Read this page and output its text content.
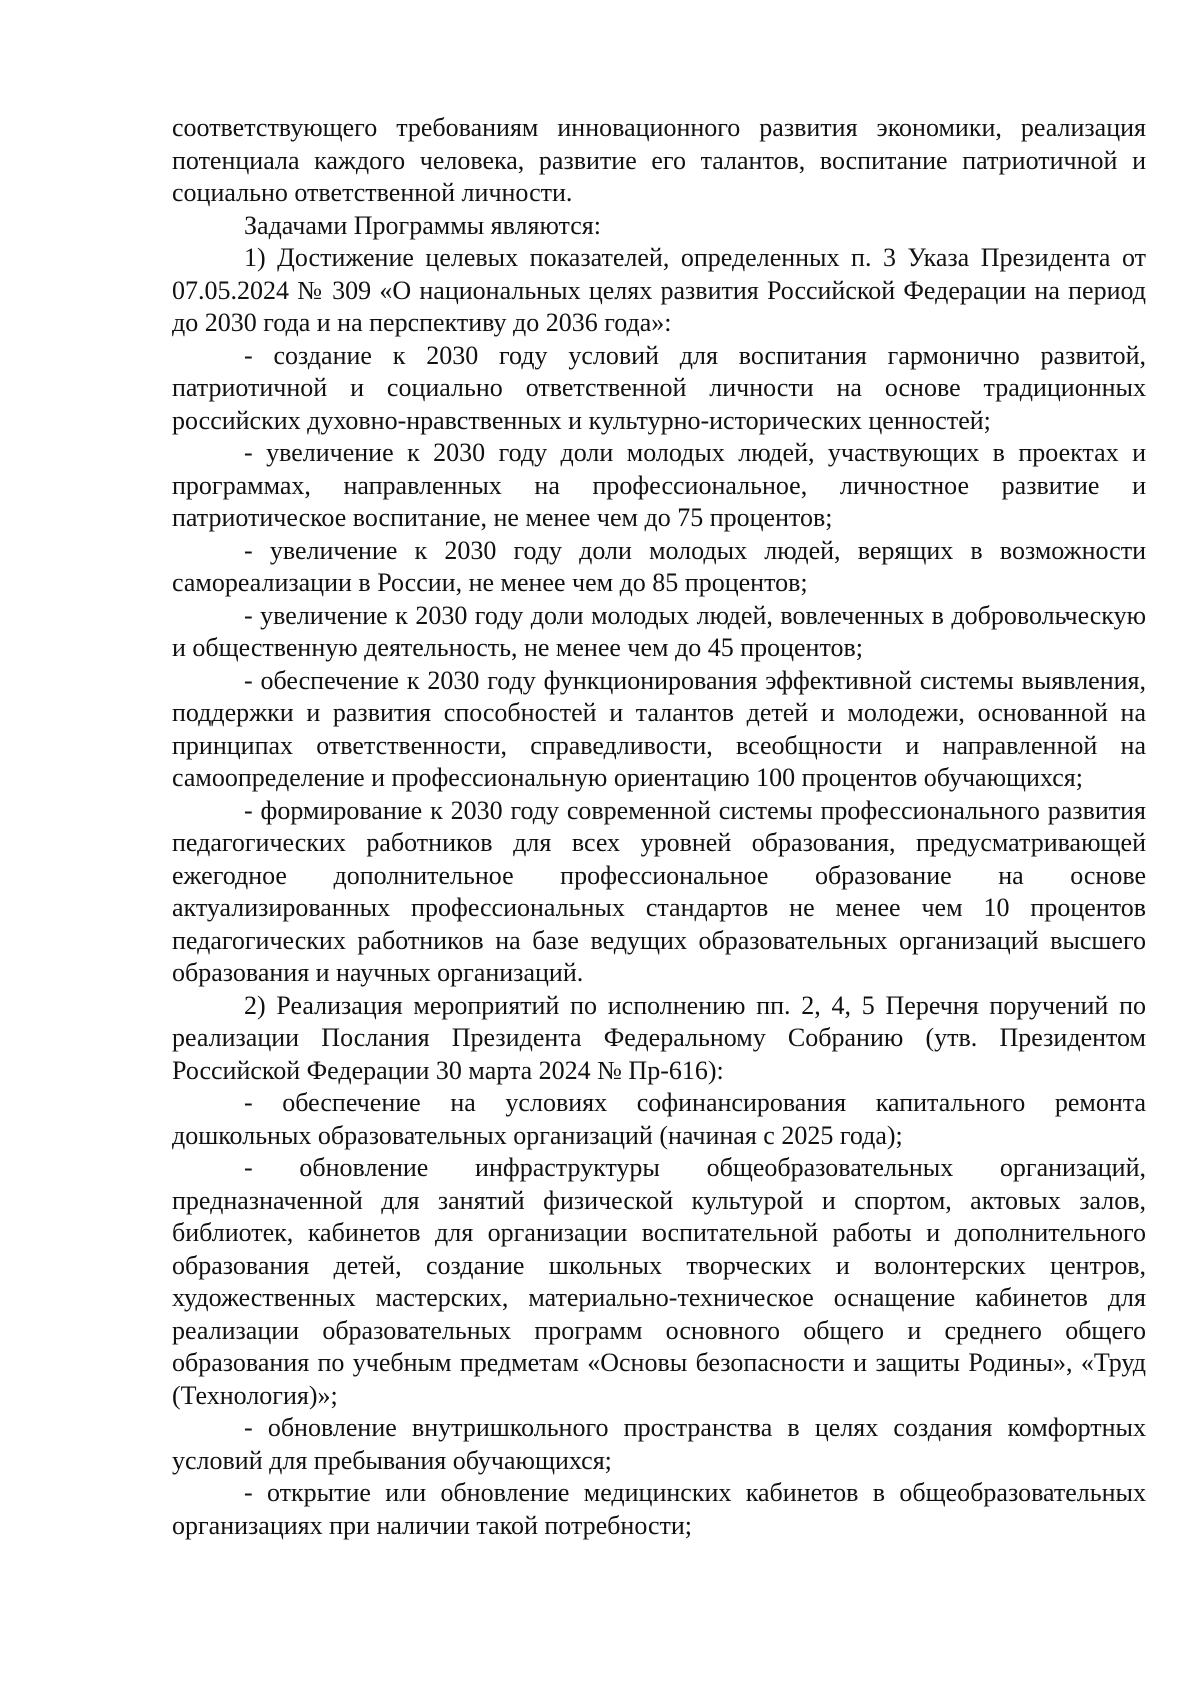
соответствующего требованиям инновационного развития экономики, реализация потенциала каждого человека, развитие его талантов, воспитание патриотичной и социально ответственной личности.

Задачами Программы являются:

1) Достижение целевых показателей, определенных п. 3 Указа Президента от 07.05.2024 № 309 «О национальных целях развития Российской Федерации на период до 2030 года и на перспективу до 2036 года»:

- создание к 2030 году условий для воспитания гармонично развитой, патриотичной и социально ответственной личности на основе традиционных российских духовно-нравственных и культурно-исторических ценностей;

- увеличение к 2030 году доли молодых людей, участвующих в проектах и программах, направленных на профессиональное, личностное развитие и патриотическое воспитание, не менее чем до 75 процентов;

- увеличение к 2030 году доли молодых людей, верящих в возможности самореализации в России, не менее чем до 85 процентов;

- увеличение к 2030 году доли молодых людей, вовлеченных в добровольческую и общественную деятельность, не менее чем до 45 процентов;

- обеспечение к 2030 году функционирования эффективной системы выявления, поддержки и развития способностей и талантов детей и молодежи, основанной на принципах ответственности, справедливости, всеобщности и направленной на самоопределение и профессиональную ориентацию 100 процентов обучающихся;

- формирование к 2030 году современной системы профессионального развития педагогических работников для всех уровней образования, предусматривающей ежегодное дополнительное профессиональное образование на основе актуализированных профессиональных стандартов не менее чем 10 процентов педагогических работников на базе ведущих образовательных организаций высшего образования и научных организаций.

2) Реализация мероприятий по исполнению пп. 2, 4, 5 Перечня поручений по реализации Послания Президента Федеральному Собранию (утв. Президентом Российской Федерации 30 марта 2024 № Пр-616):

- обеспечение на условиях софинансирования капитального ремонта дошкольных образовательных организаций (начиная с 2025 года);

- обновление инфраструктуры общеобразовательных организаций, предназначенной для занятий физической культурой и спортом, актовых залов, библиотек, кабинетов для организации воспитательной работы и дополнительного образования детей, создание школьных творческих и волонтерских центров, художественных мастерских, материально-техническое оснащение кабинетов для реализации образовательных программ основного общего и среднего общего образования по учебным предметам «Основы безопасности и защиты Родины», «Труд (Технология)»;

- обновление внутришкольного пространства в целях создания комфортных условий для пребывания обучающихся;

- открытие или обновление медицинских кабинетов в общеобразовательных организациях при наличии такой потребности;
